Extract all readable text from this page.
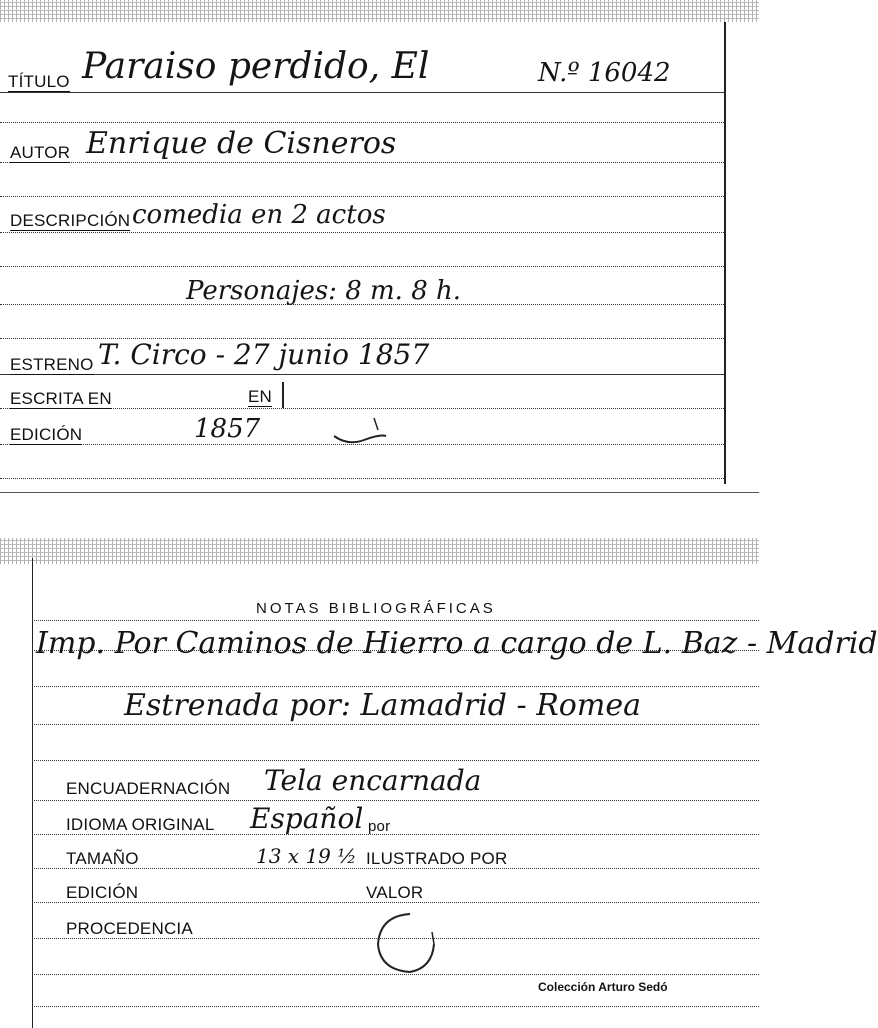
TÍTULO Paraiso perdido, El	N.º 16042
AUTOR Enrique de Cisneros
DESCRIPCIÓN comedia en 2 actos
Personajes: 8 m. 8 h.
ESTRENO T. Circo - 27 junio 1857
ESCRITA EN	EN
EDICIÓN	1857
NOTAS BIBLIOGRÁFICAS
Imp. Por Caminos de Hierro a cargo de L. Baz - Madrid
Estrenada por: Lamadrid - Romea
ENCUADERNACIÓN Tela encarnada
IDIOMA ORIGINAL Español por
TAMAÑO	13 x 19 ½ ILUSTRADO POR
EDICIÓN	VALOR
PROCEDENCIA
Colección Arturo Sedó
